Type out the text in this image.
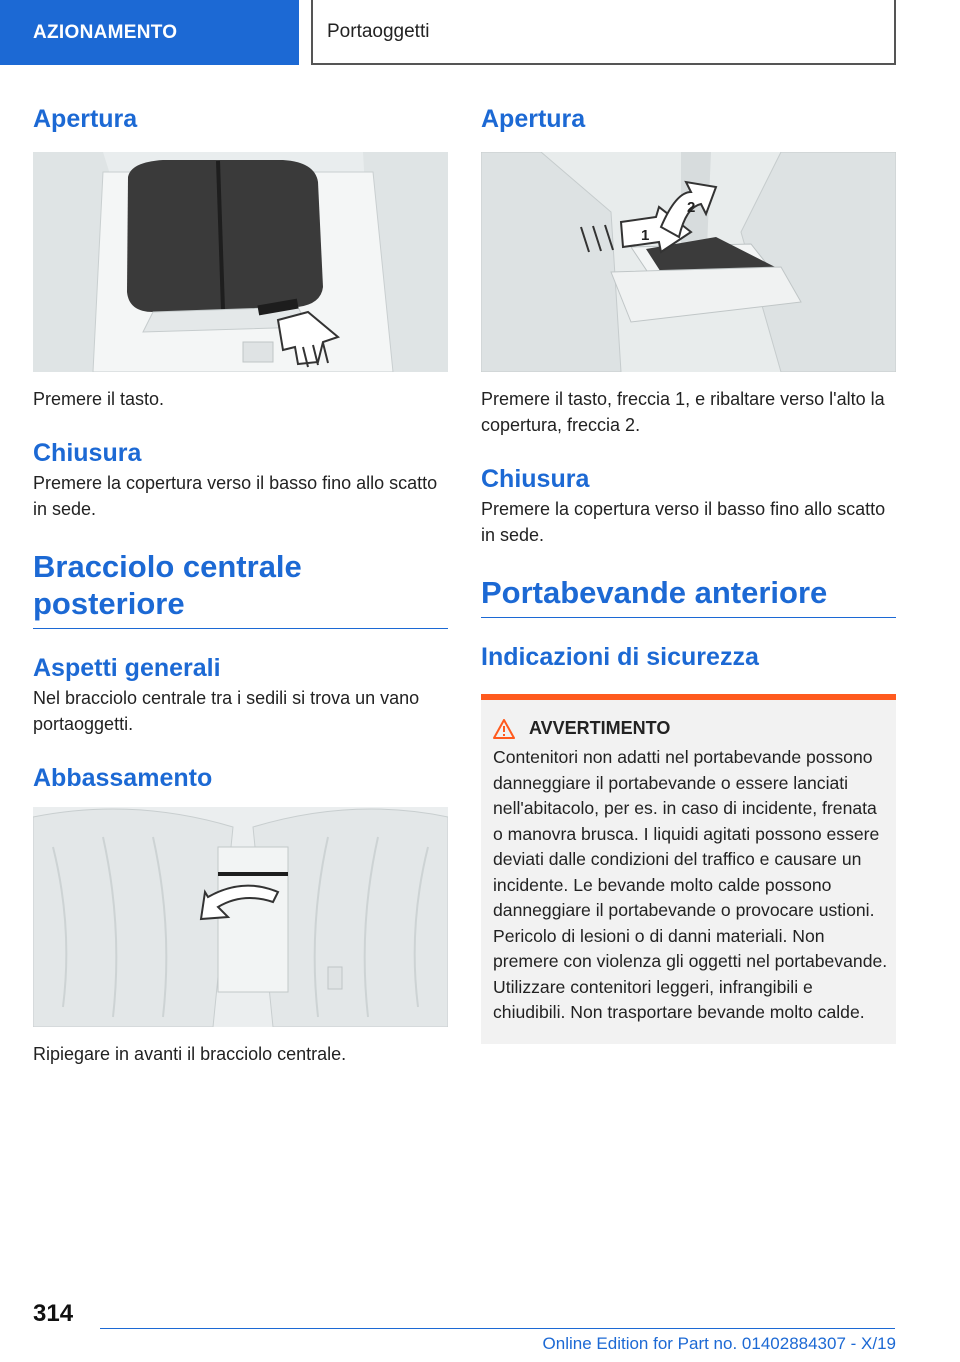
AZIONAMENTO	Portaoggetti
Apertura

Premere il tasto.

Chiusura

Premere la copertura verso il basso fino allo scatto in sede.

Bracciolo centrale
posteriore
Aspetti generali

Nel bracciolo centrale tra i sedili si trova un vano portaoggetti.

Abbassamento

Ripiegare in avanti il bracciolo centrale.

Apertura
1
2

Premere il tasto, freccia 1, e ribaltare verso l'alto la copertura, freccia 2.

Chiusura

Premere la copertura verso il basso fino allo scatto in sede.

Portabevande anteriore
Indicazioni di sicurezza
AVVERTIMENTO

Contenitori non adatti nel portabevande possono danneggiare il portabevande o essere lanciati nell'abitacolo, per es. in caso di incidente, frenata o manovra brusca. I liquidi agitati possono essere deviati dalle condizioni del traffico e causare un incidente. Le bevande molto calde possono danneggiare il portabevande o provocare ustioni. Pericolo di lesioni o di danni materiali. Non premere con violenza gli oggetti nel portabevande. Utilizzare contenitori leggeri, infrangibili e chiudibili. Non trasportare bevande molto calde.

314
Online Edition for Part no. 01402884307 - X/19
